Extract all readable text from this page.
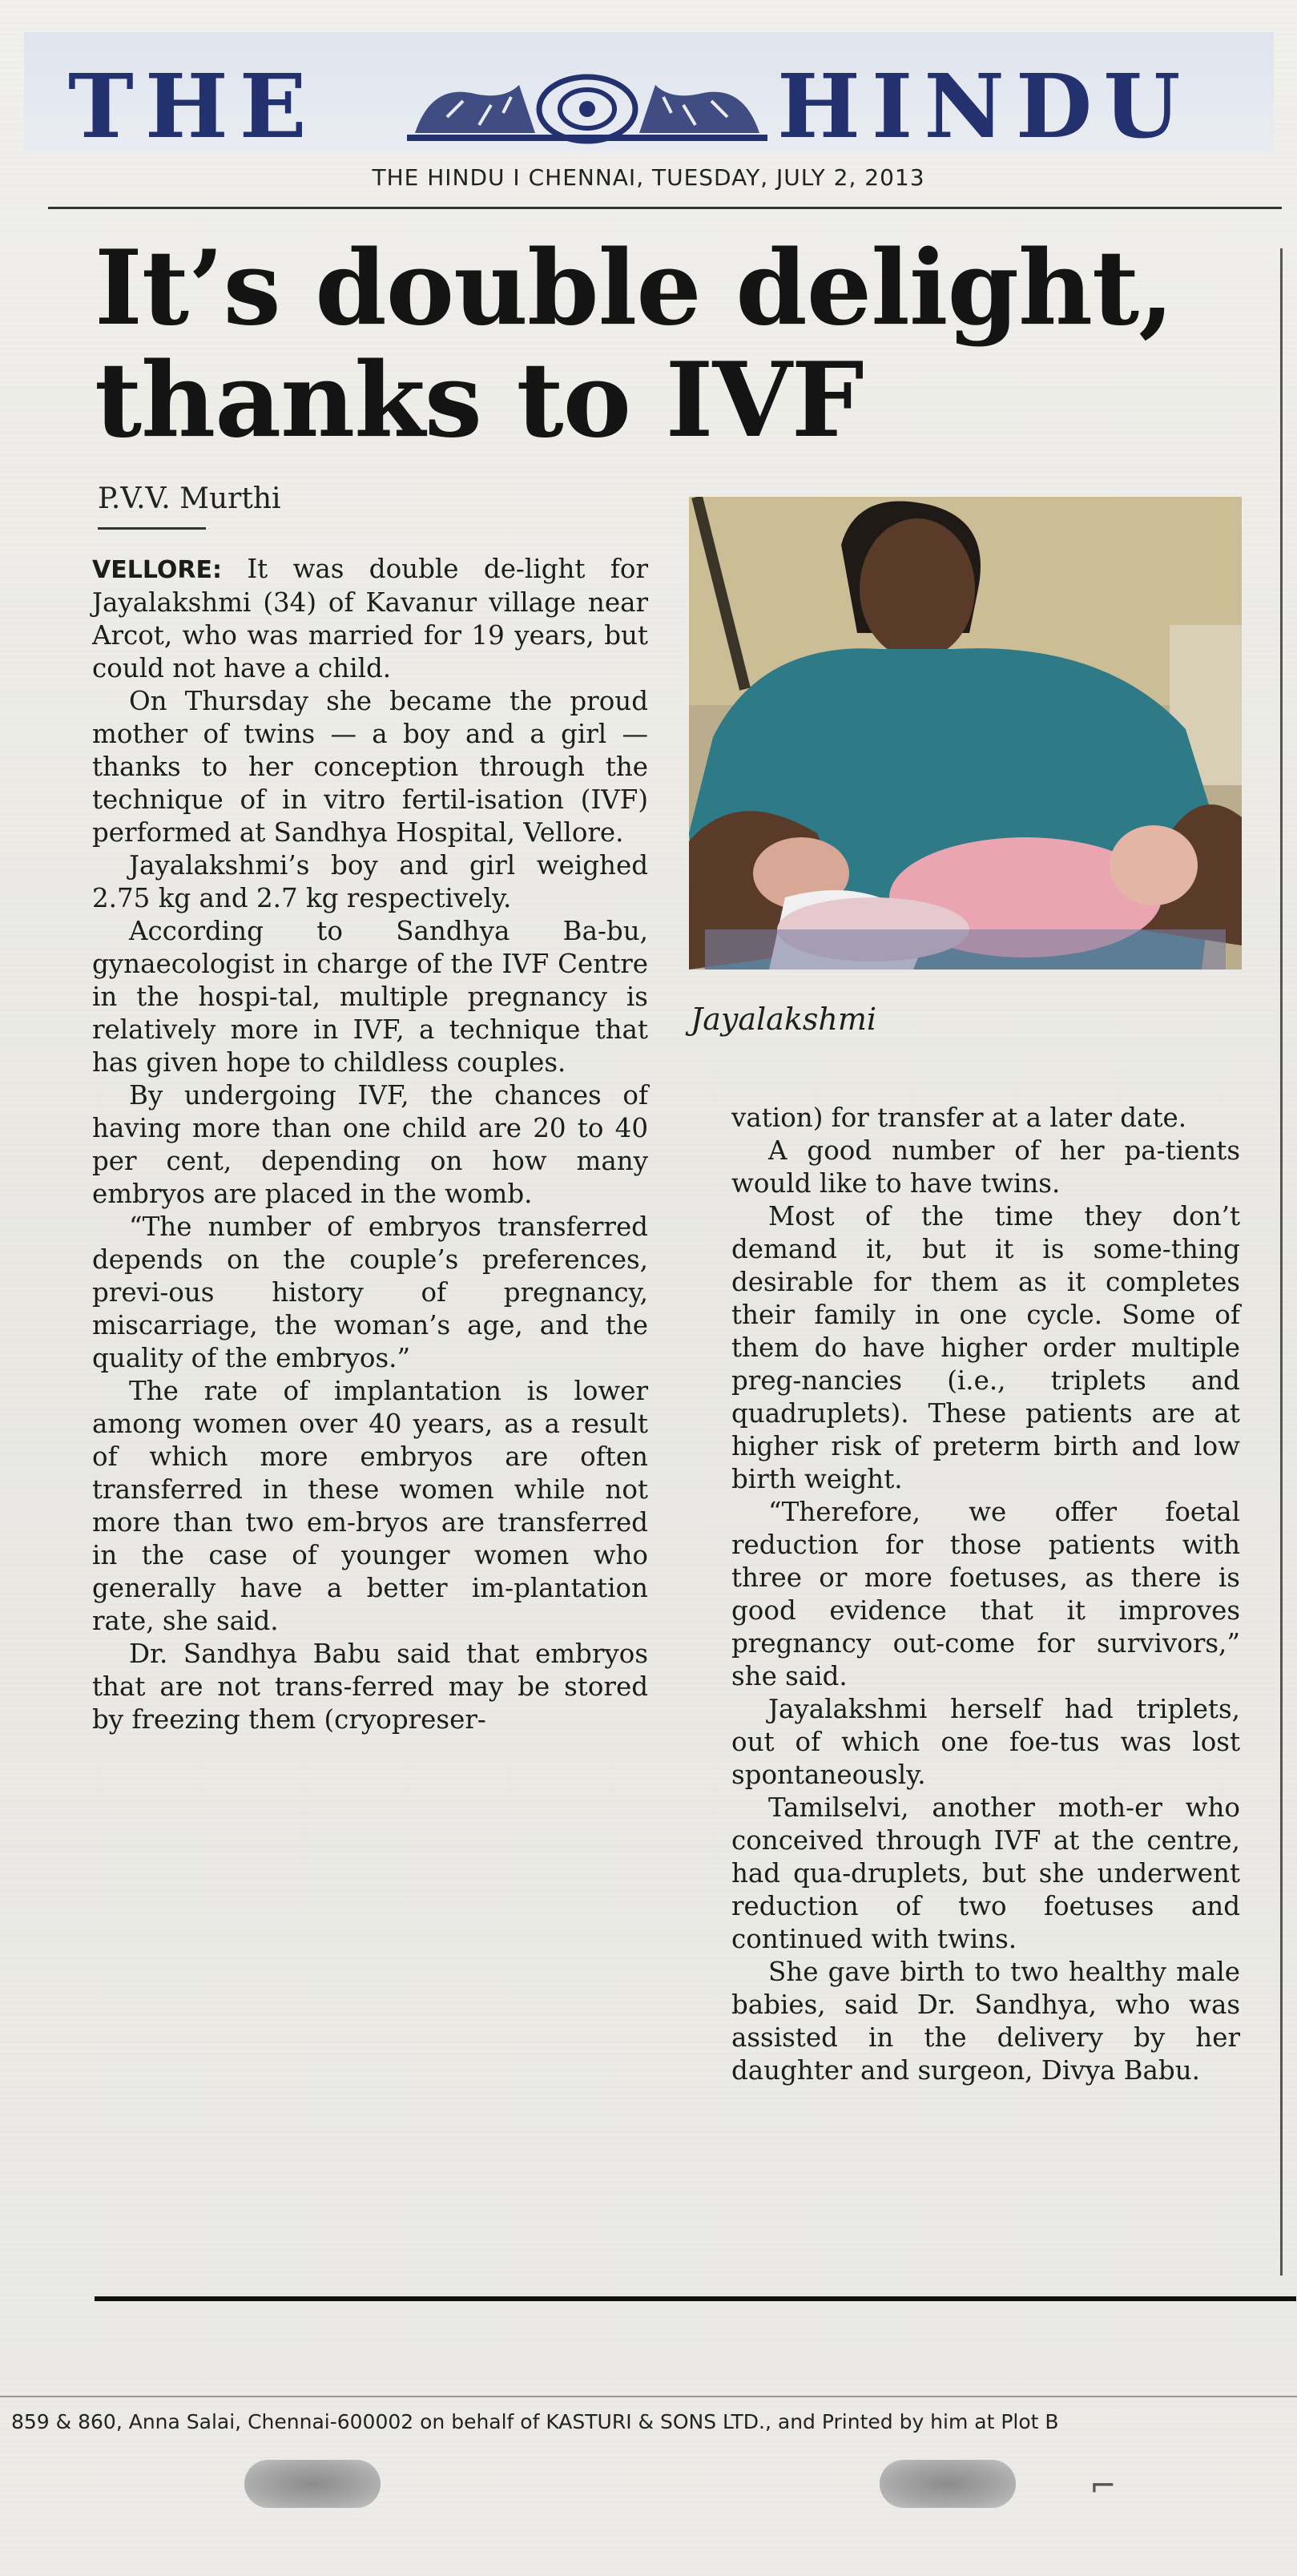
THE	HINDU
THE HINDU I CHENNAI, TUESDAY, JULY 2, 2013
It’s double delight,
thanks to IVF
P.V.V. Murthi

VELLORE: It was double de-light for Jayalakshmi (34) of Kavanur village near Arcot, who was married for 19 years, but could not have a child.

On Thursday she became the proud mother of twins — a boy and a girl — thanks to her conception through the technique of in vitro fertil-isation (IVF) performed at Sandhya Hospital, Vellore.

Jayalakshmi’s boy and girl weighed 2.75 kg and 2.7 kg respectively.

According to Sandhya Ba-bu, gynaecologist in charge of the IVF Centre in the hospi-tal, multiple pregnancy is relatively more in IVF, a technique that has given hope to childless couples.

By undergoing IVF, the chances of having more than one child are 20 to 40 per cent, depending on how many embryos are placed in the womb.

“The number of embryos transferred depends on the couple’s preferences, previ-ous history of pregnancy, miscarriage, the woman’s age, and the quality of the embryos.”

The rate of implantation is lower among women over 40 years, as a result of which more embryos are often transferred in these women while not more than two em-bryos are transferred in the case of younger women who generally have a better im-plantation rate, she said.

Dr. Sandhya Babu said that embryos that are not trans-ferred may be stored by freezing them (cryopreser-

Jayalakshmi

vation) for transfer at a later date.

A good number of her pa-tients would like to have twins.

Most of the time they don’t demand it, but it is some-thing desirable for them as it completes their family in one cycle. Some of them do have higher order multiple preg-nancies (i.e., triplets and quadruplets). These patients are at higher risk of preterm birth and low birth weight.

“Therefore, we offer foetal reduction for those patients with three or more foetuses, as there is good evidence that it improves pregnancy out-come for survivors,” she said.

Jayalakshmi herself had triplets, out of which one foe-tus was lost spontaneously.

Tamilselvi, another moth-er who conceived through IVF at the centre, had qua-druplets, but she underwent reduction of two foetuses and continued with twins.

She gave birth to two healthy male babies, said Dr. Sandhya, who was assisted in the delivery by her daughter and surgeon, Divya Babu.

859 & 860, Anna Salai, Chennai-600002 on behalf of KASTURI & SONS LTD., and Printed by him at Plot B
⌐
